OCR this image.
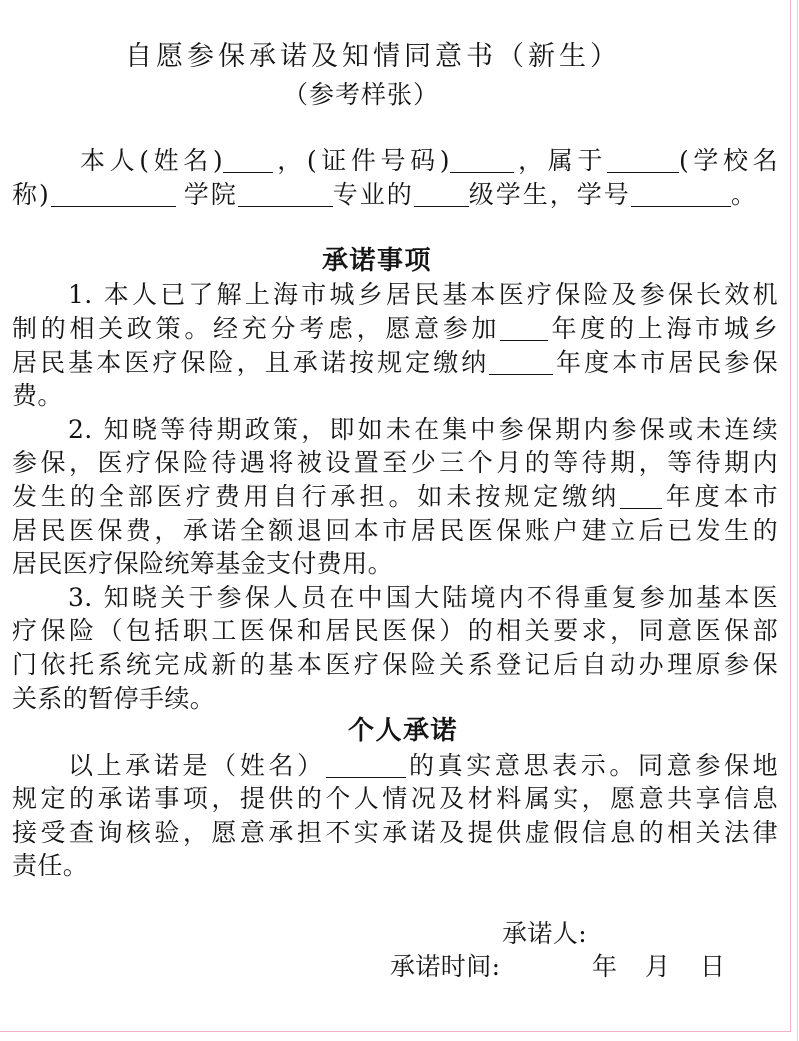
自愿参保承诺及知情同意书（新生）
（参考样张）
本人(姓名) ，(证件号码)	，属于	(学校名
称)	学院	专业的 级学生，学号	。
承诺事项
1. 本人已了解上海市城乡居民基本医疗保险及参保长效机
制的相关政策。经充分考虑，愿意参加 年度的上海市城乡
居民基本医疗保险，且承诺按规定缴纳	年度本市居民参保
费。
2. 知晓等待期政策，即如未在集中参保期内参保或未连续
参保，医疗保险待遇将被设置至少三个月的等待期，等待期内
发生的全部医疗费用自行承担。如未按规定缴纳 年度本市
居民医保费，承诺全额退回本市居民医保账户建立后已发生的
居民医疗保险统筹基金支付费用。
3. 知晓关于参保人员在中国大陆境内不得重复参加基本医
疗保险（包括职工医保和居民医保）的相关要求，同意医保部
门依托系统完成新的基本医疗保险关系登记后自动办理原参保
关系的暂停手续。
个人承诺
以上承诺是（姓名）	的真实意思表示。同意参保地
规定的承诺事项，提供的个人情况及材料属实，愿意共享信息
接受查询核验，愿意承担不实承诺及提供虚假信息的相关法律
责任。
承诺人:
承诺时间:	年 月 日
